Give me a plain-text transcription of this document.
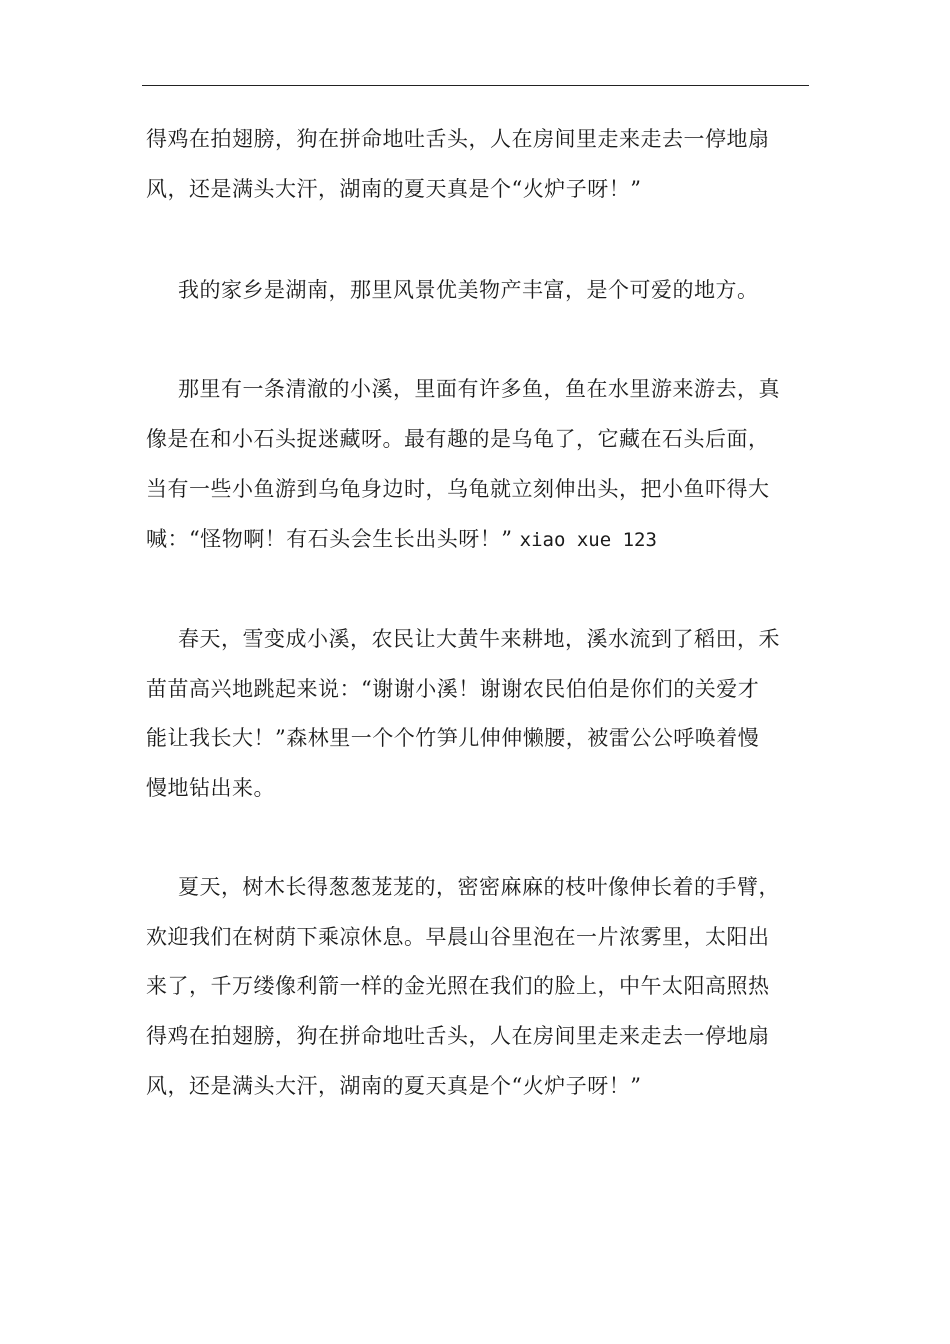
得鸡在拍翅膀，狗在拼命地吐舌头，人在房间里走来走去一停地扇
风，还是满头大汗，湖南的夏天真是个“火炉子呀！”
我的家乡是湖南，那里风景优美物产丰富，是个可爱的地方。
那里有一条清澈的小溪，里面有许多鱼，鱼在水里游来游去，真
像是在和小石头捉迷藏呀。最有趣的是乌龟了，它藏在石头后面，
当有一些小鱼游到乌龟身边时，乌龟就立刻伸出头，把小鱼吓得大
喊：“怪物啊！有石头会生长出头呀！” xiao xue 123
春天，雪变成小溪，农民让大黄牛来耕地，溪水流到了稻田，禾
苗苗高兴地跳起来说：“谢谢小溪！谢谢农民伯伯是你们的关爱才
能让我长大！”森林里一个个竹笋儿伸伸懒腰，被雷公公呼唤着慢
慢地钻出来。
夏天，树木长得葱葱茏茏的，密密麻麻的枝叶像伸长着的手臂，
欢迎我们在树荫下乘凉休息。早晨山谷里泡在一片浓雾里，太阳出
来了，千万缕像利箭一样的金光照在我们的脸上，中午太阳高照热
得鸡在拍翅膀，狗在拼命地吐舌头，人在房间里走来走去一停地扇
风，还是满头大汗，湖南的夏天真是个“火炉子呀！”
